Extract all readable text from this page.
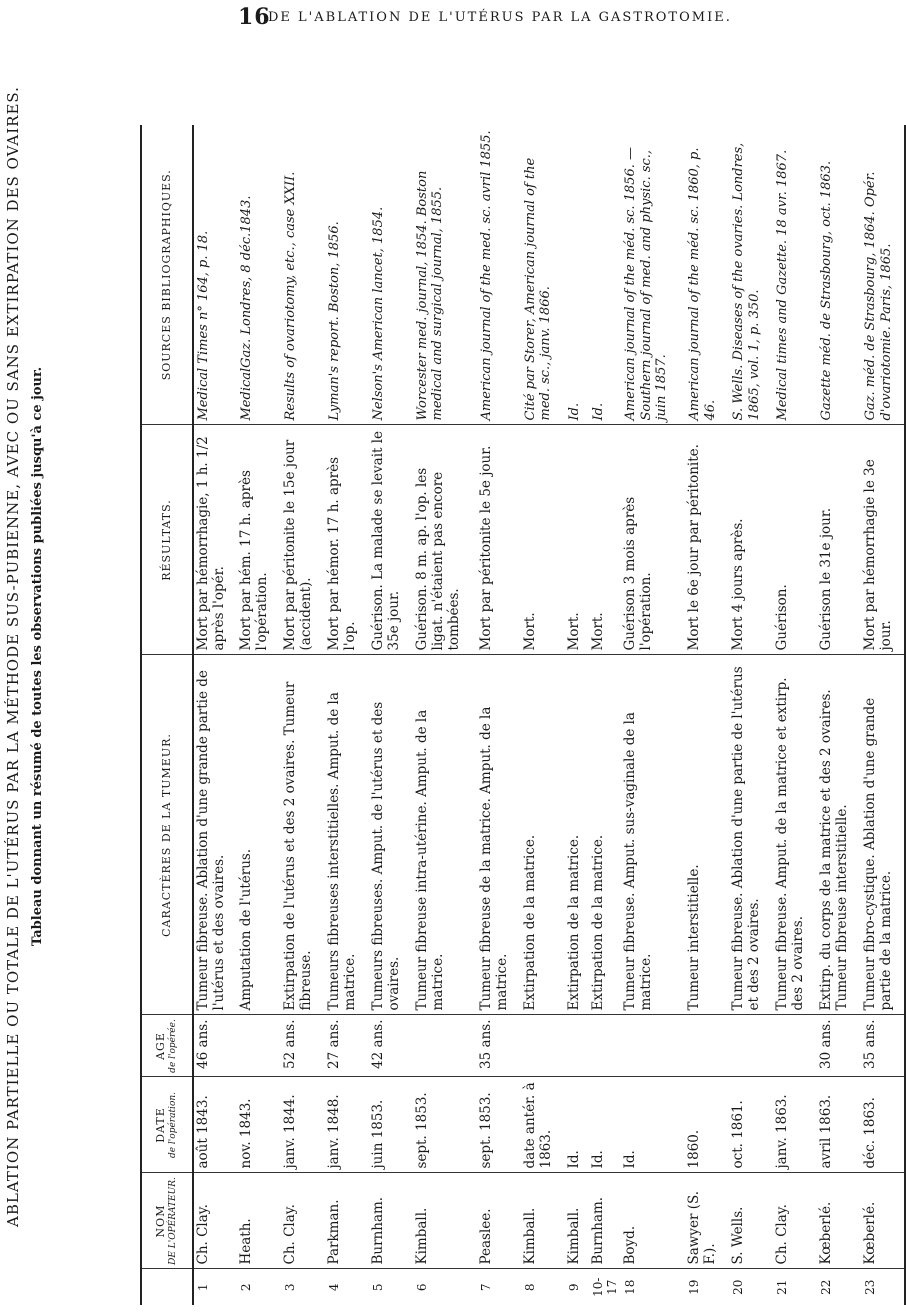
16
DE L'ABLATION DE L'UTÉRUS PAR LA GASTROTOMIE.
ABLATION PARTIELLE OU TOTALE DE L'UTÉRUS PAR LA MÉTHODE SUS-PUBIENNE, AVEC OU SANS EXTIRPATION DES OVAIRES. Tableau donnant un résumé de toutes les observations publiées jusqu'à ce jour.
	NOM DE L'OPÉRATEUR.	DATE de l'opération.	AGE de l'opérée.	CARACTÈRES DE LA TUMEUR.	RÉSULTATS.	SOURCES BIBLIOGRAPHIQUES.
1	Ch. Clay.	août 1843.	46 ans.	Tumeur fibreuse. Ablation d'une grande partie de l'utérus et des ovaires.	Mort par hémorrhagie, 1 h. 1/2 après l'opér.	Medical Times n° 164, p. 18.
2	Heath.	nov. 1843.		Amputation de l'utérus.	Mort par hém. 17 h. après l'opération.	MedicalGaz. Londres, 8 déc.1843.
3	Ch. Clay.	janv. 1844.	52 ans.	Extirpation de l'utérus et des 2 ovaires. Tumeur fibreuse.	Mort par péritonite le 15e jour (accident).	Results of ovariotomy, etc., case XXII.
4	Parkman.	janv. 1848.	27 ans.	Tumeurs fibreuses interstitielles. Amput. de la matrice.	Mort par hémor. 17 h. après l'op.	Lyman's report. Boston, 1856.
5	Burnham.	juin 1853.	42 ans.	Tumeurs fibreuses. Amput. de l'utérus et des ovaires.	Guérison. La malade se levait le 35e jour.	Nelson's American lancet, 1854.
6	Kimball.	sept. 1853.		Tumeur fibreuse intra-utérine. Amput. de la matrice.	Guérison. 8 m. ap. l'op. les ligat. n'étaient pas encore tombées.	Worcester med. journal, 1854. Boston medical and surgical journal, 1855.
7	Peaslee.	sept. 1853.	35 ans.	Tumeur fibreuse de la matrice. Amput. de la matrice.	Mort par péritonite le 5e jour.	American journal of the med. sc. avril 1855.
8	Kimball.	date antér. à 1863.		Extirpation de la matrice.	Mort.	Cité par Storer, American journal of the med. sc., janv. 1866.
9	Kimball.	Id.		Extirpation de la matrice.	Mort.	Id.
10-17	Burnham.	Id.		Extirpation de la matrice.	Mort.	Id.
18	Boyd.	Id.		Tumeur fibreuse. Amput. sus-vaginale de la matrice.	Guérison 3 mois après l'opération.	American journal of the méd. sc. 1856. — Southern journal of med. and physic. sc., juin 1857.
19	Sawyer (S. F.).	1860.		Tumeur interstitielle.	Mort le 6e jour par péritonite.	American journal of the méd. sc. 1860, p. 46.
20	S. Wells.	oct. 1861.		Tumeur fibreuse. Ablation d'une partie de l'utérus et des 2 ovaires.	Mort 4 jours après.	S. Wells. Diseases of the ovaries. Londres, 1865, vol. 1, p. 350.
21	Ch. Clay.	janv. 1863.		Tumeur fibreuse. Amput. de la matrice et extirp. des 2 ovaires.	Guérison.	Medical times and Gazette. 18 avr. 1867.
22	Kœberlé.	avril 1863.	30 ans.	Extirp. du corps de la matrice et des 2 ovaires. Tumeur fibreuse interstitielle.	Guérison le 31e jour.	Gazette méd. de Strasbourg, oct. 1863.
23	Kœberlé.	déc. 1863.	35 ans.	Tumeur fibro-cystique. Ablation d'une grande partie de la matrice.	Mort par hémorrhagie le 3e jour.	Gaz. méd. de Strasbourg, 1864. Opér. d'ovariotomie. Paris, 1865.
